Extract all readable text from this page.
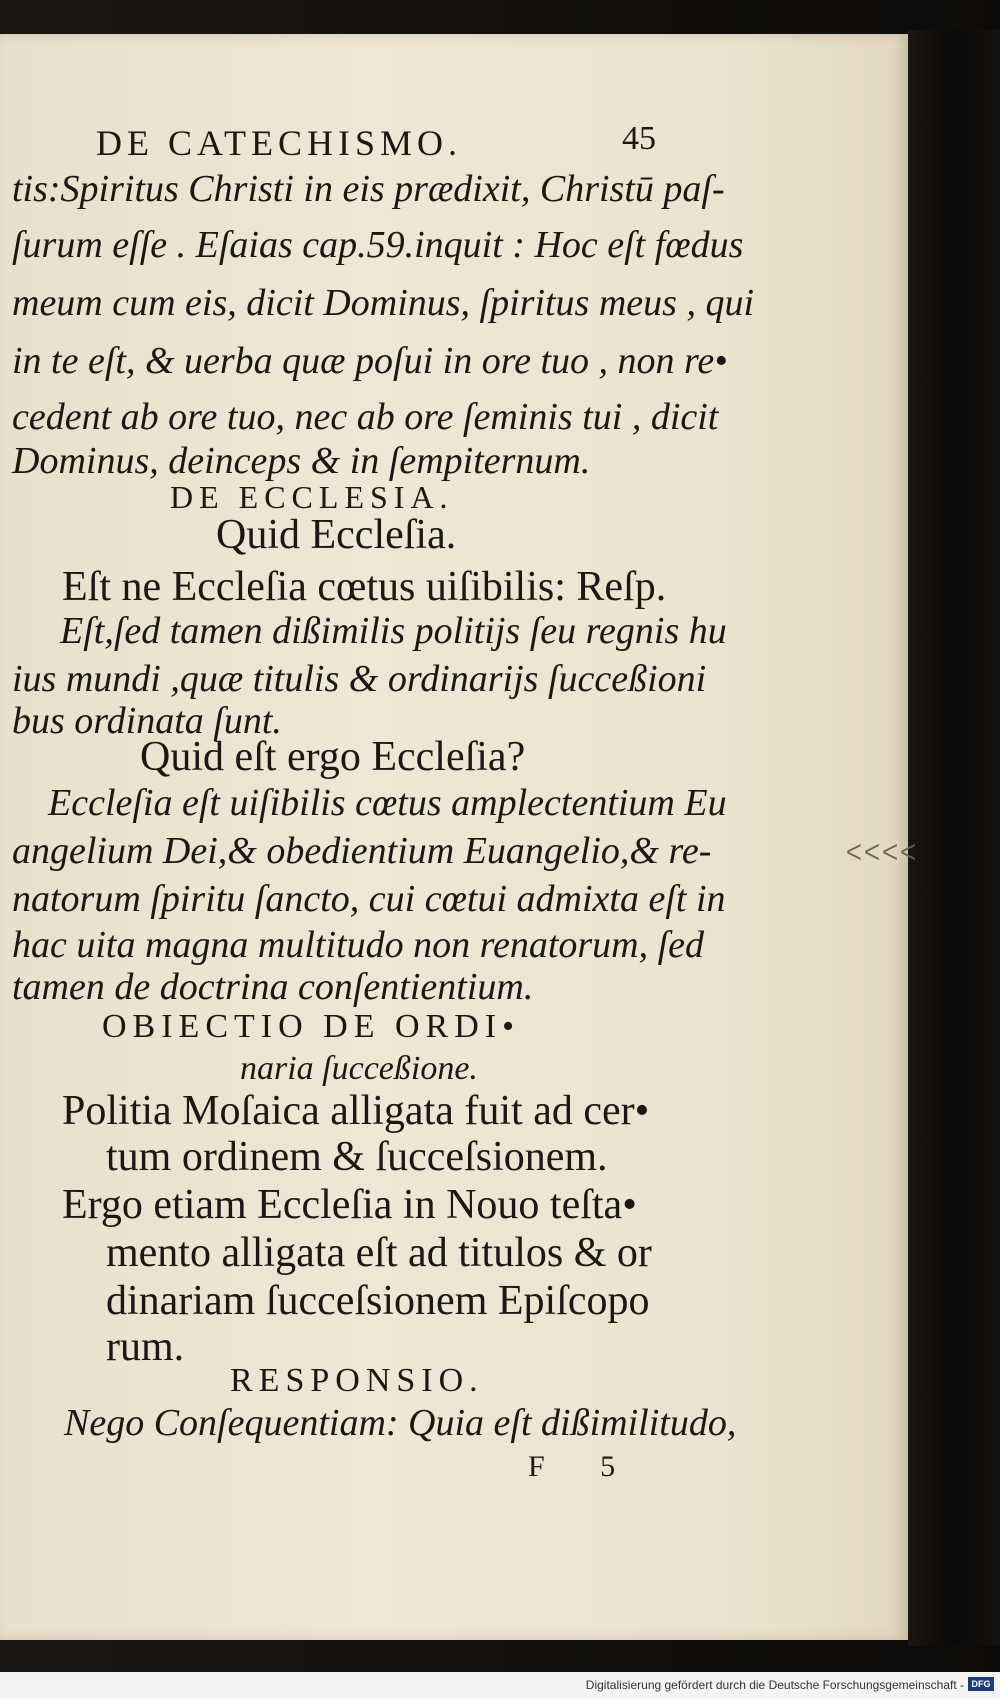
DE CATECHISMO.	45
tis:Spiritus Christi in eis prædixit, Christū paſ-
ſurum eſſe . Eſaias cap.59.inquit : Hoc eſt fœdus
meum cum eis, dicit Dominus, ſpiritus meus , qui
in te eſt, & uerba quæ poſui in ore tuo , non re•
cedent ab ore tuo, nec ab ore ſeminis tui , dicit
Dominus, deinceps & in ſempiternum.
DE ECCLESIA.
Quid Eccleſia.
Eſt ne Eccleſia cœtus uiſibilis: Reſp.
Eſt,ſed tamen dißimilis politijs ſeu regnis hu
ius mundi ,quæ titulis & ordinarijs ſucceßioni
bus ordinata ſunt.
Quid eſt ergo Eccleſia?
Eccleſia eſt uiſibilis cœtus amplectentium Eu
angelium Dei,& obedientium Euangelio,& re-
natorum ſpiritu ſancto, cui cœtui admixta eſt in
hac uita magna multitudo non renatorum, ſed
tamen de doctrina conſentientium.
OBIECTIO DE ORDI•
naria ſucceßione.
Politia Moſaica alligata fuit ad cer•
tum ordinem & ſucceſsionem.
Ergo etiam Eccleſia in Nouo teſta•
mento alligata eſt ad titulos & or
dinariam ſucceſsionem Epiſcopo
rum.
RESPONSIO.
Nego Conſequentiam: Quia eſt dißimilitudo,
F 5
ᐸᐸᐸᐸ
Digitalisierung gefördert durch die Deutsche Forschungsgemeinschaft - DFG
